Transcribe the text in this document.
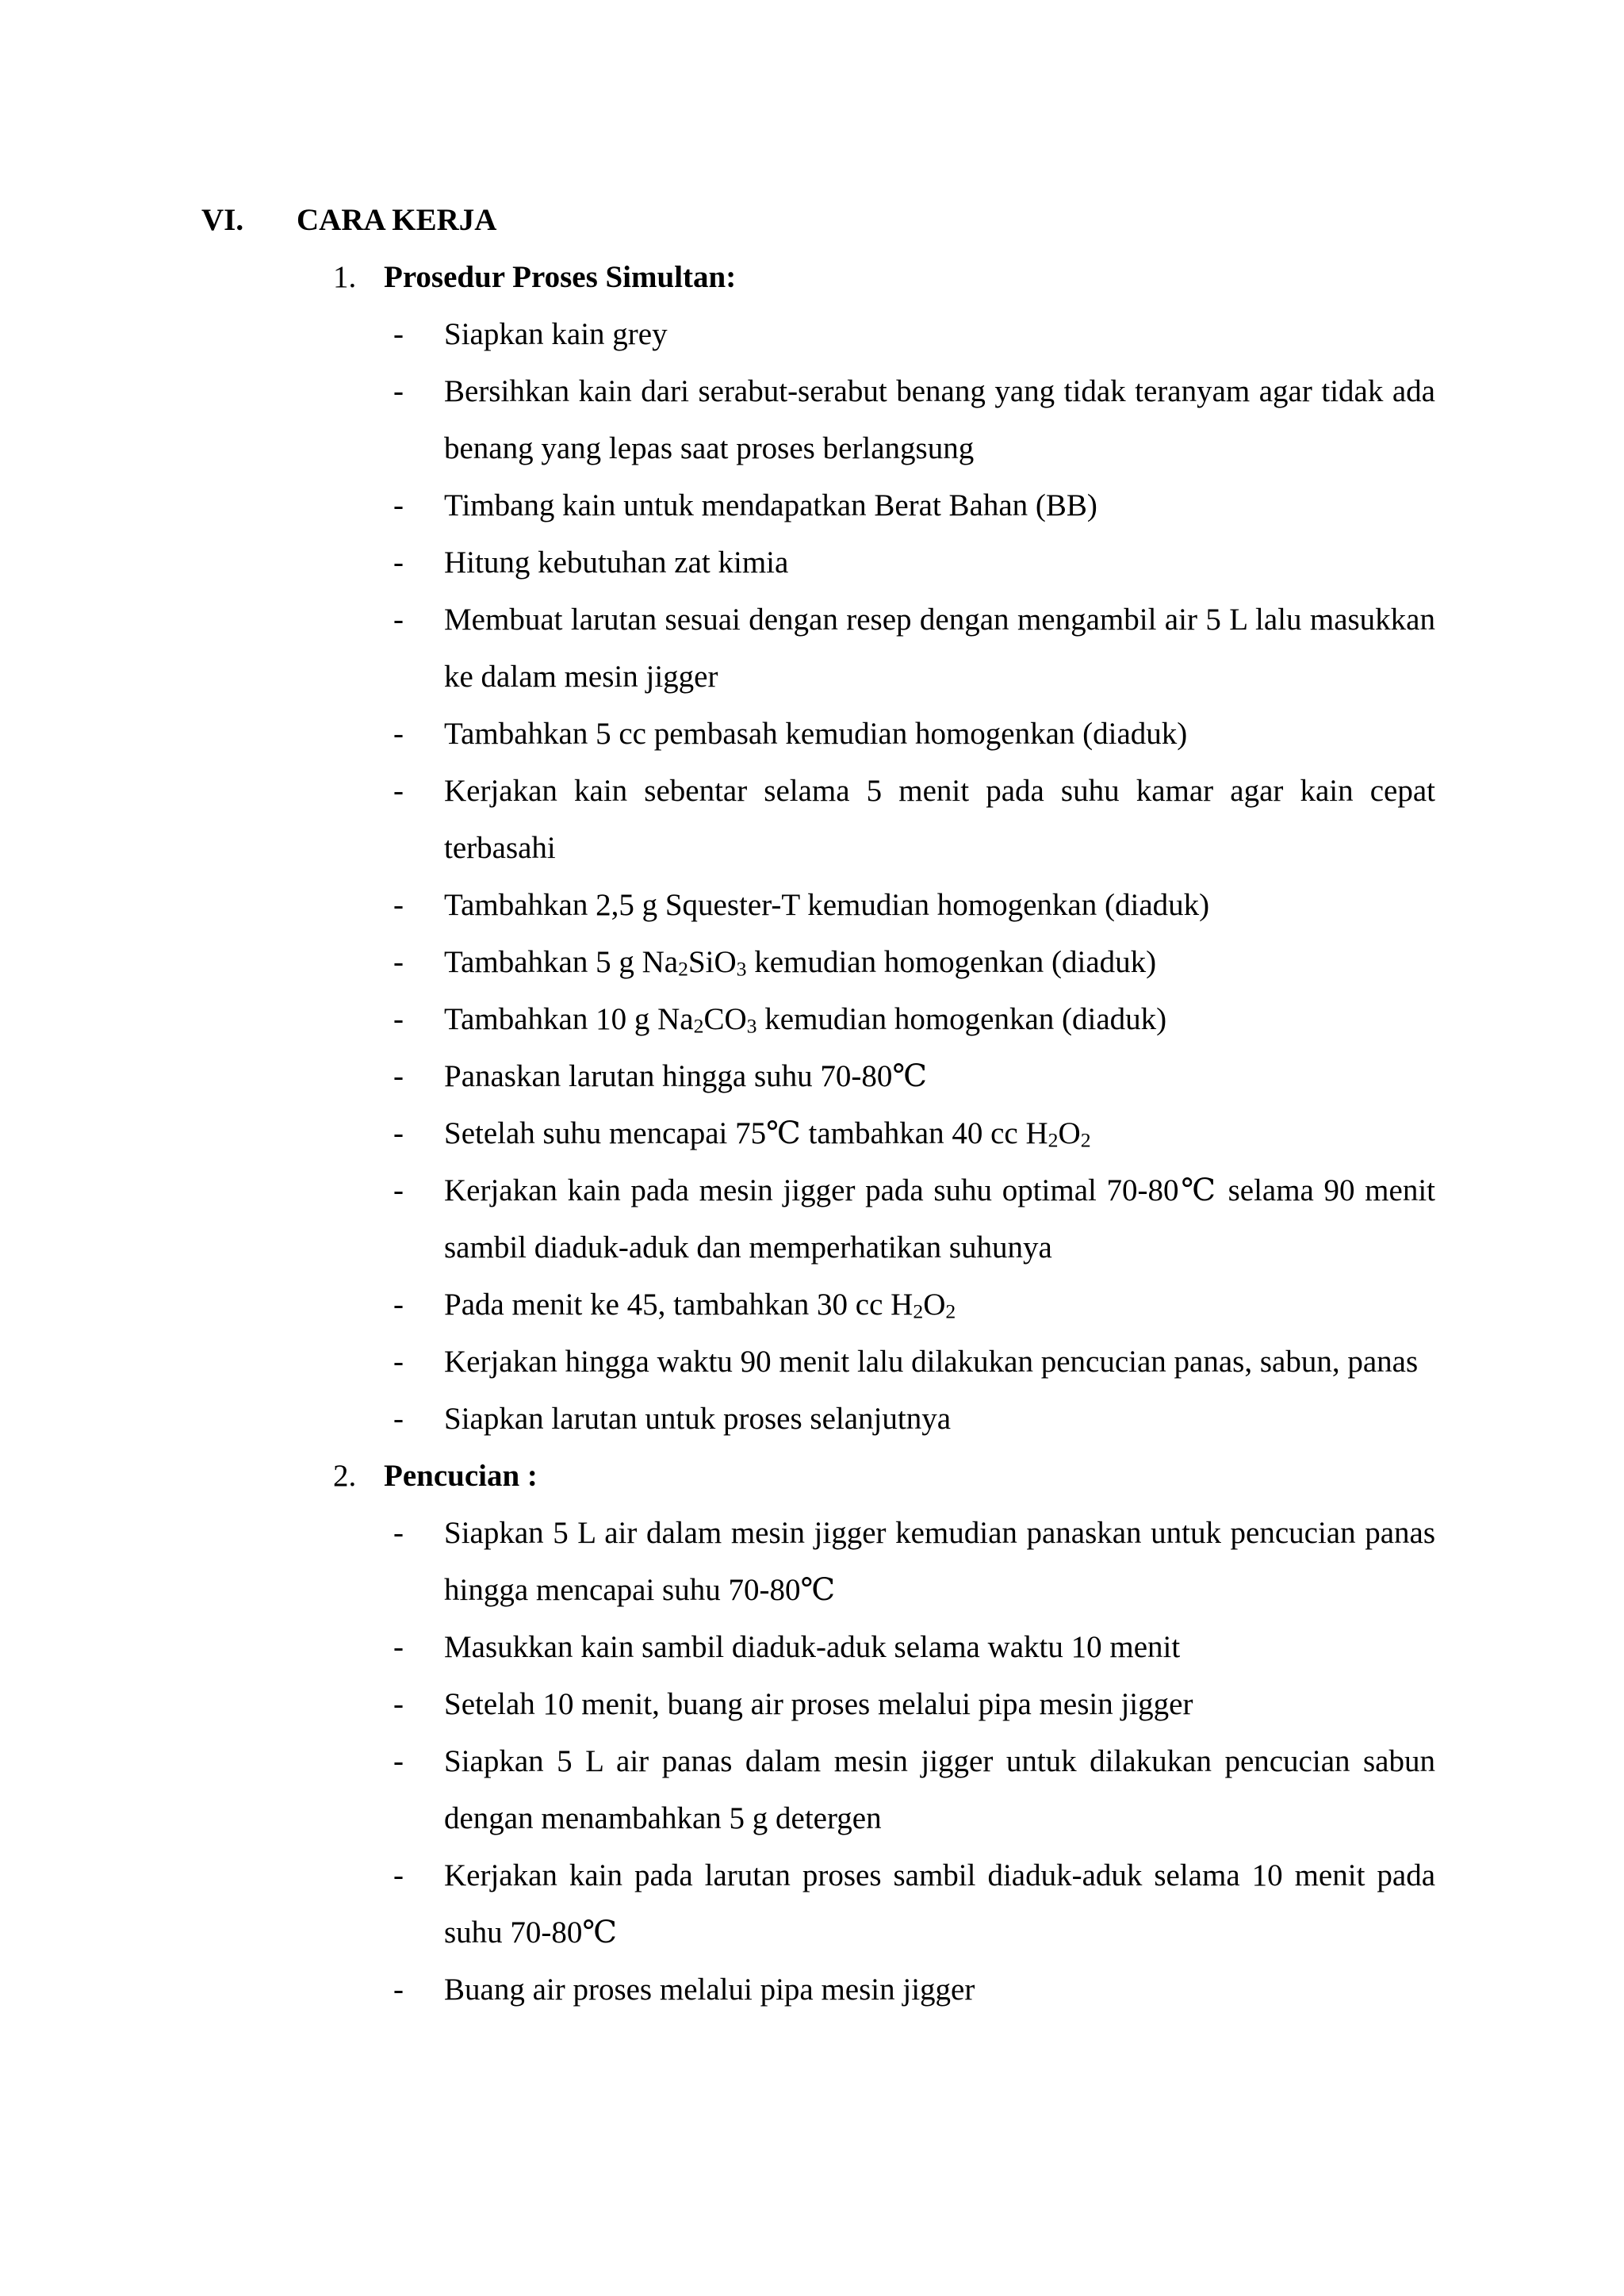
VI. CARA KERJA
1. Prosedur Proses Simultan:
- Siapkan kain grey
- Bersihkan kain dari serabut-serabut benang yang tidak teranyam agar tidak ada benang yang lepas saat proses berlangsung
- Timbang kain untuk mendapatkan Berat Bahan (BB)
- Hitung kebutuhan zat kimia
- Membuat larutan sesuai dengan resep dengan mengambil air 5 L lalu masukkan ke dalam mesin jigger
- Tambahkan 5 cc pembasah kemudian homogenkan (diaduk)
- Kerjakan kain sebentar selama 5 menit pada suhu kamar agar kain cepat terbasahi
- Tambahkan 2,5 g Squester-T kemudian homogenkan (diaduk)
- Tambahkan 5 g $Na_2SiO_3$ kemudian homogenkan (diaduk)
- Tambahkan 10 g $Na_2CO_3$ kemudian homogenkan (diaduk)
- Panaskan larutan hingga suhu 70-80℃
- Setelah suhu mencapai 75℃ tambahkan 40 cc $H_2O_2$
- Kerjakan kain pada mesin jigger pada suhu optimal 70-80℃ selama 90 menit sambil diaduk-aduk dan memperhatikan suhunya
- Pada menit ke 45, tambahkan 30 cc $H_2O_2$
- Kerjakan hingga waktu 90 menit lalu dilakukan pencucian panas, sabun, panas
- Siapkan larutan untuk proses selanjutnya
2. Pencucian :
- Siapkan 5 L air dalam mesin jigger kemudian panaskan untuk pencucian panas hingga mencapai suhu 70-80℃
- Masukkan kain sambil diaduk-aduk selama waktu 10 menit
- Setelah 10 menit, buang air proses melalui pipa mesin jigger
- Siapkan 5 L air panas dalam mesin jigger untuk dilakukan pencucian sabun dengan menambahkan 5 g detergen
- Kerjakan kain pada larutan proses sambil diaduk-aduk selama 10 menit pada suhu 70-80℃
- Buang air proses melalui pipa mesin jigger
